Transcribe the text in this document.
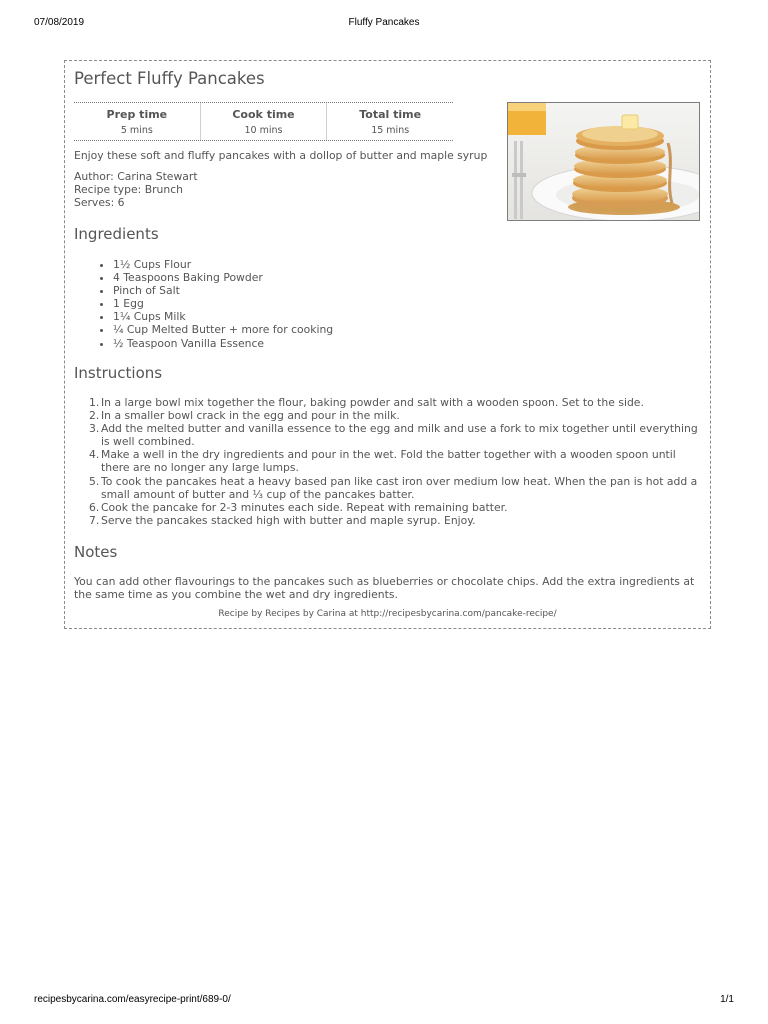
07/08/2019	Fluffy Pancakes
Perfect Fluffy Pancakes
Prep time
5 mins
Cook time
10 mins
Total time
15 mins
Enjoy these soft and fluffy pancakes with a dollop of butter and maple syrup
Author: Carina Stewart
Recipe type: Brunch
Serves: 6
Ingredients
• 1½ Cups Flour
• 4 Teaspoons Baking Powder
• Pinch of Salt
• 1 Egg
• 1¼ Cups Milk
• ¼ Cup Melted Butter + more for cooking
• ½ Teaspoon Vanilla Essence
Instructions
1. In a large bowl mix together the flour, baking powder and salt with a wooden spoon. Set to the side.
2. In a smaller bowl crack in the egg and pour in the milk.
3. Add the melted butter and vanilla essence to the egg and milk and use a fork to mix together until everything is well combined.
4. Make a well in the dry ingredients and pour in the wet. Fold the batter together with a wooden spoon until there are no longer any large lumps.
5. To cook the pancakes heat a heavy based pan like cast iron over medium low heat. When the pan is hot add a small amount of butter and ⅓ cup of the pancakes batter.
6. Cook the pancake for 2-3 minutes each side. Repeat with remaining batter.
7. Serve the pancakes stacked high with butter and maple syrup. Enjoy.
Notes
You can add other flavourings to the pancakes such as blueberries or chocolate chips. Add the extra ingredients at the same time as you combine the wet and dry ingredients.
Recipe by Recipes by Carina at http://recipesbycarina.com/pancake-recipe/
recipesbycarina.com/easyrecipe-print/689-0/	1/1
